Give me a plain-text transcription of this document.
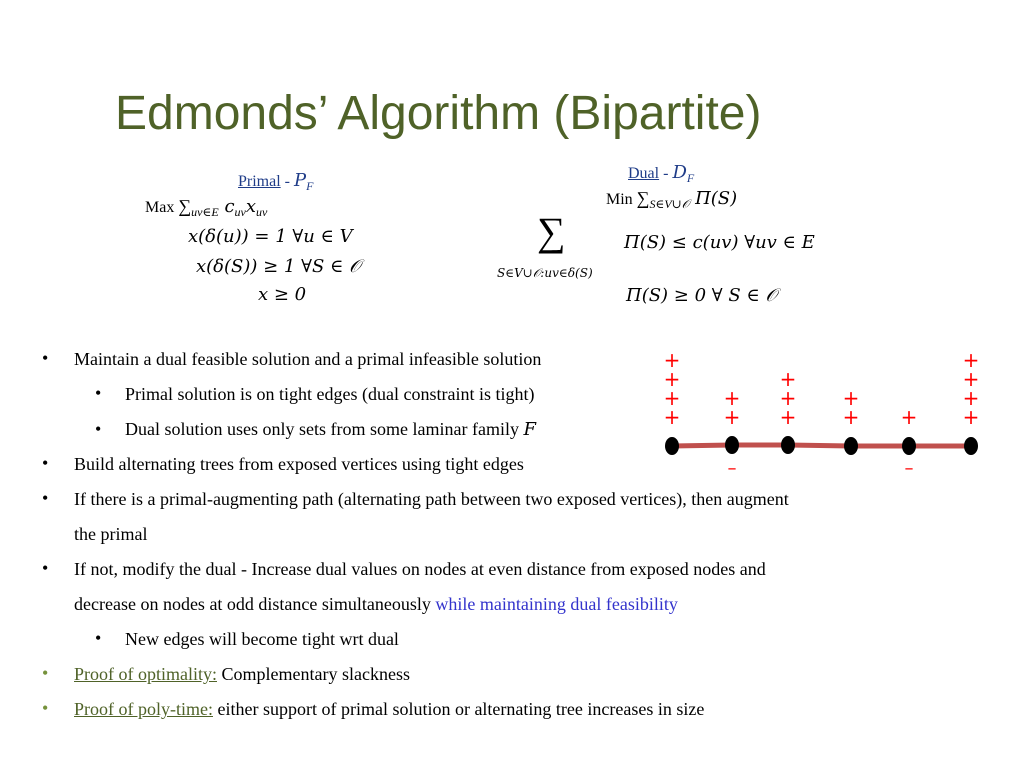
Edmonds’ Algorithm (Bipartite)
Primal - $P_F$
Max $\sum_{uv\in E}$ $c_{uv}x_{uv}$
x(δ(u)) = 1 ∀u ∈ V
x(δ(S)) ≥ 1 ∀S ∈ 𝒪
x ≥ 0
Dual - $D_F$
Min $\sum_{S\in V\cup 𝒪}$ Π(S)
∑
S∈V∪𝒪:uv∈δ(S)
Π(S) ≤ c(uv) ∀uv ∈ E
Π(S) ≥ 0 ∀ S ∈ 𝒪
• Maintain a dual feasible solution and a primal infeasible solution
• Primal solution is on tight edges (dual constraint is tight)
• Dual solution uses only sets from some laminar family F
• Build alternating trees from exposed vertices using tight edges
• If there is a primal-augmenting path (alternating path between two exposed vertices), then augment
the primal
• If not, modify the dual - Increase dual values on nodes at even distance from exposed nodes and
decrease on nodes at odd distance simultaneously while maintaining dual feasibility
• New edges will become tight wrt dual
• Proof of optimality: Complementary slackness
• Proof of poly-time: either support of primal solution or alternating tree increases in size
+
+
+
+
+
+
–
+
+
+
+
+
+
–
+
+
+
+
